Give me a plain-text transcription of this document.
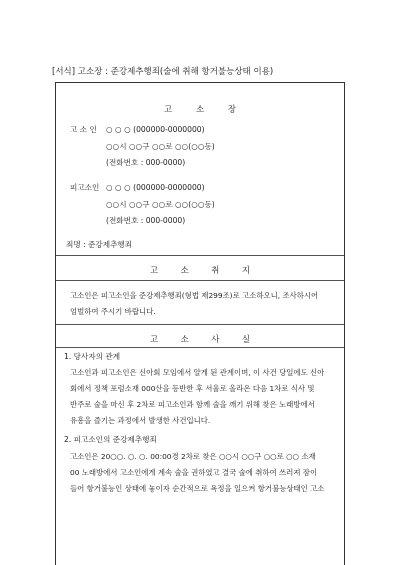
[서식] 고소장 : 준강제추행죄(술에 취해 항거불능상태 이용)
고	소	장
고 소 인 ○ ○ ○ (000000-0000000)
○○시 ○○구 ○○로 ○○(○○동)
(전화번호 : 000-0000)
피고소인 ○ ○ ○ (000000-0000000)
○○시 ○○구 ○○로 ○○(○○동)
(전화번호 : 000-0000)
죄명 : 준강제추행죄
고	소	취	지
고소인은 피고소인을 준강제추행죄(형법 제299조)로 고소하오니, 조사하시어
엄벌하여 주시기 바랍니다.
고	소	사	실
1. 당사자의 관계
고소인과 피고소인은 신아회 모임에서 알게 된 관계이며, 이 사건 당일에도 신아
회에서 정책 포럼소재 000산을 등반한 후 서울로 올라온 다음 1차로 식사 및
반주로 술을 마신 후 2차로 피고소인과 함께 술을 깨기 위해 찾은 노래방에서
유흥을 즐기는 과정에서 발생한 사건입니다.
2. 피고소인의 준강제추행죄
고소인은 20○○. ○. ○. 00:00경 2차로 찾은 ○○시 ○○구 ○○로 ○○ 소재
00 노래방에서 고소인에게 계속 술을 권하였고 결국 술에 취하여 쓰러져 잠이
들어 항거불능인 상태에 놓이자 순간적으로 욕정을 일으켜 항거불능상태인 고소
